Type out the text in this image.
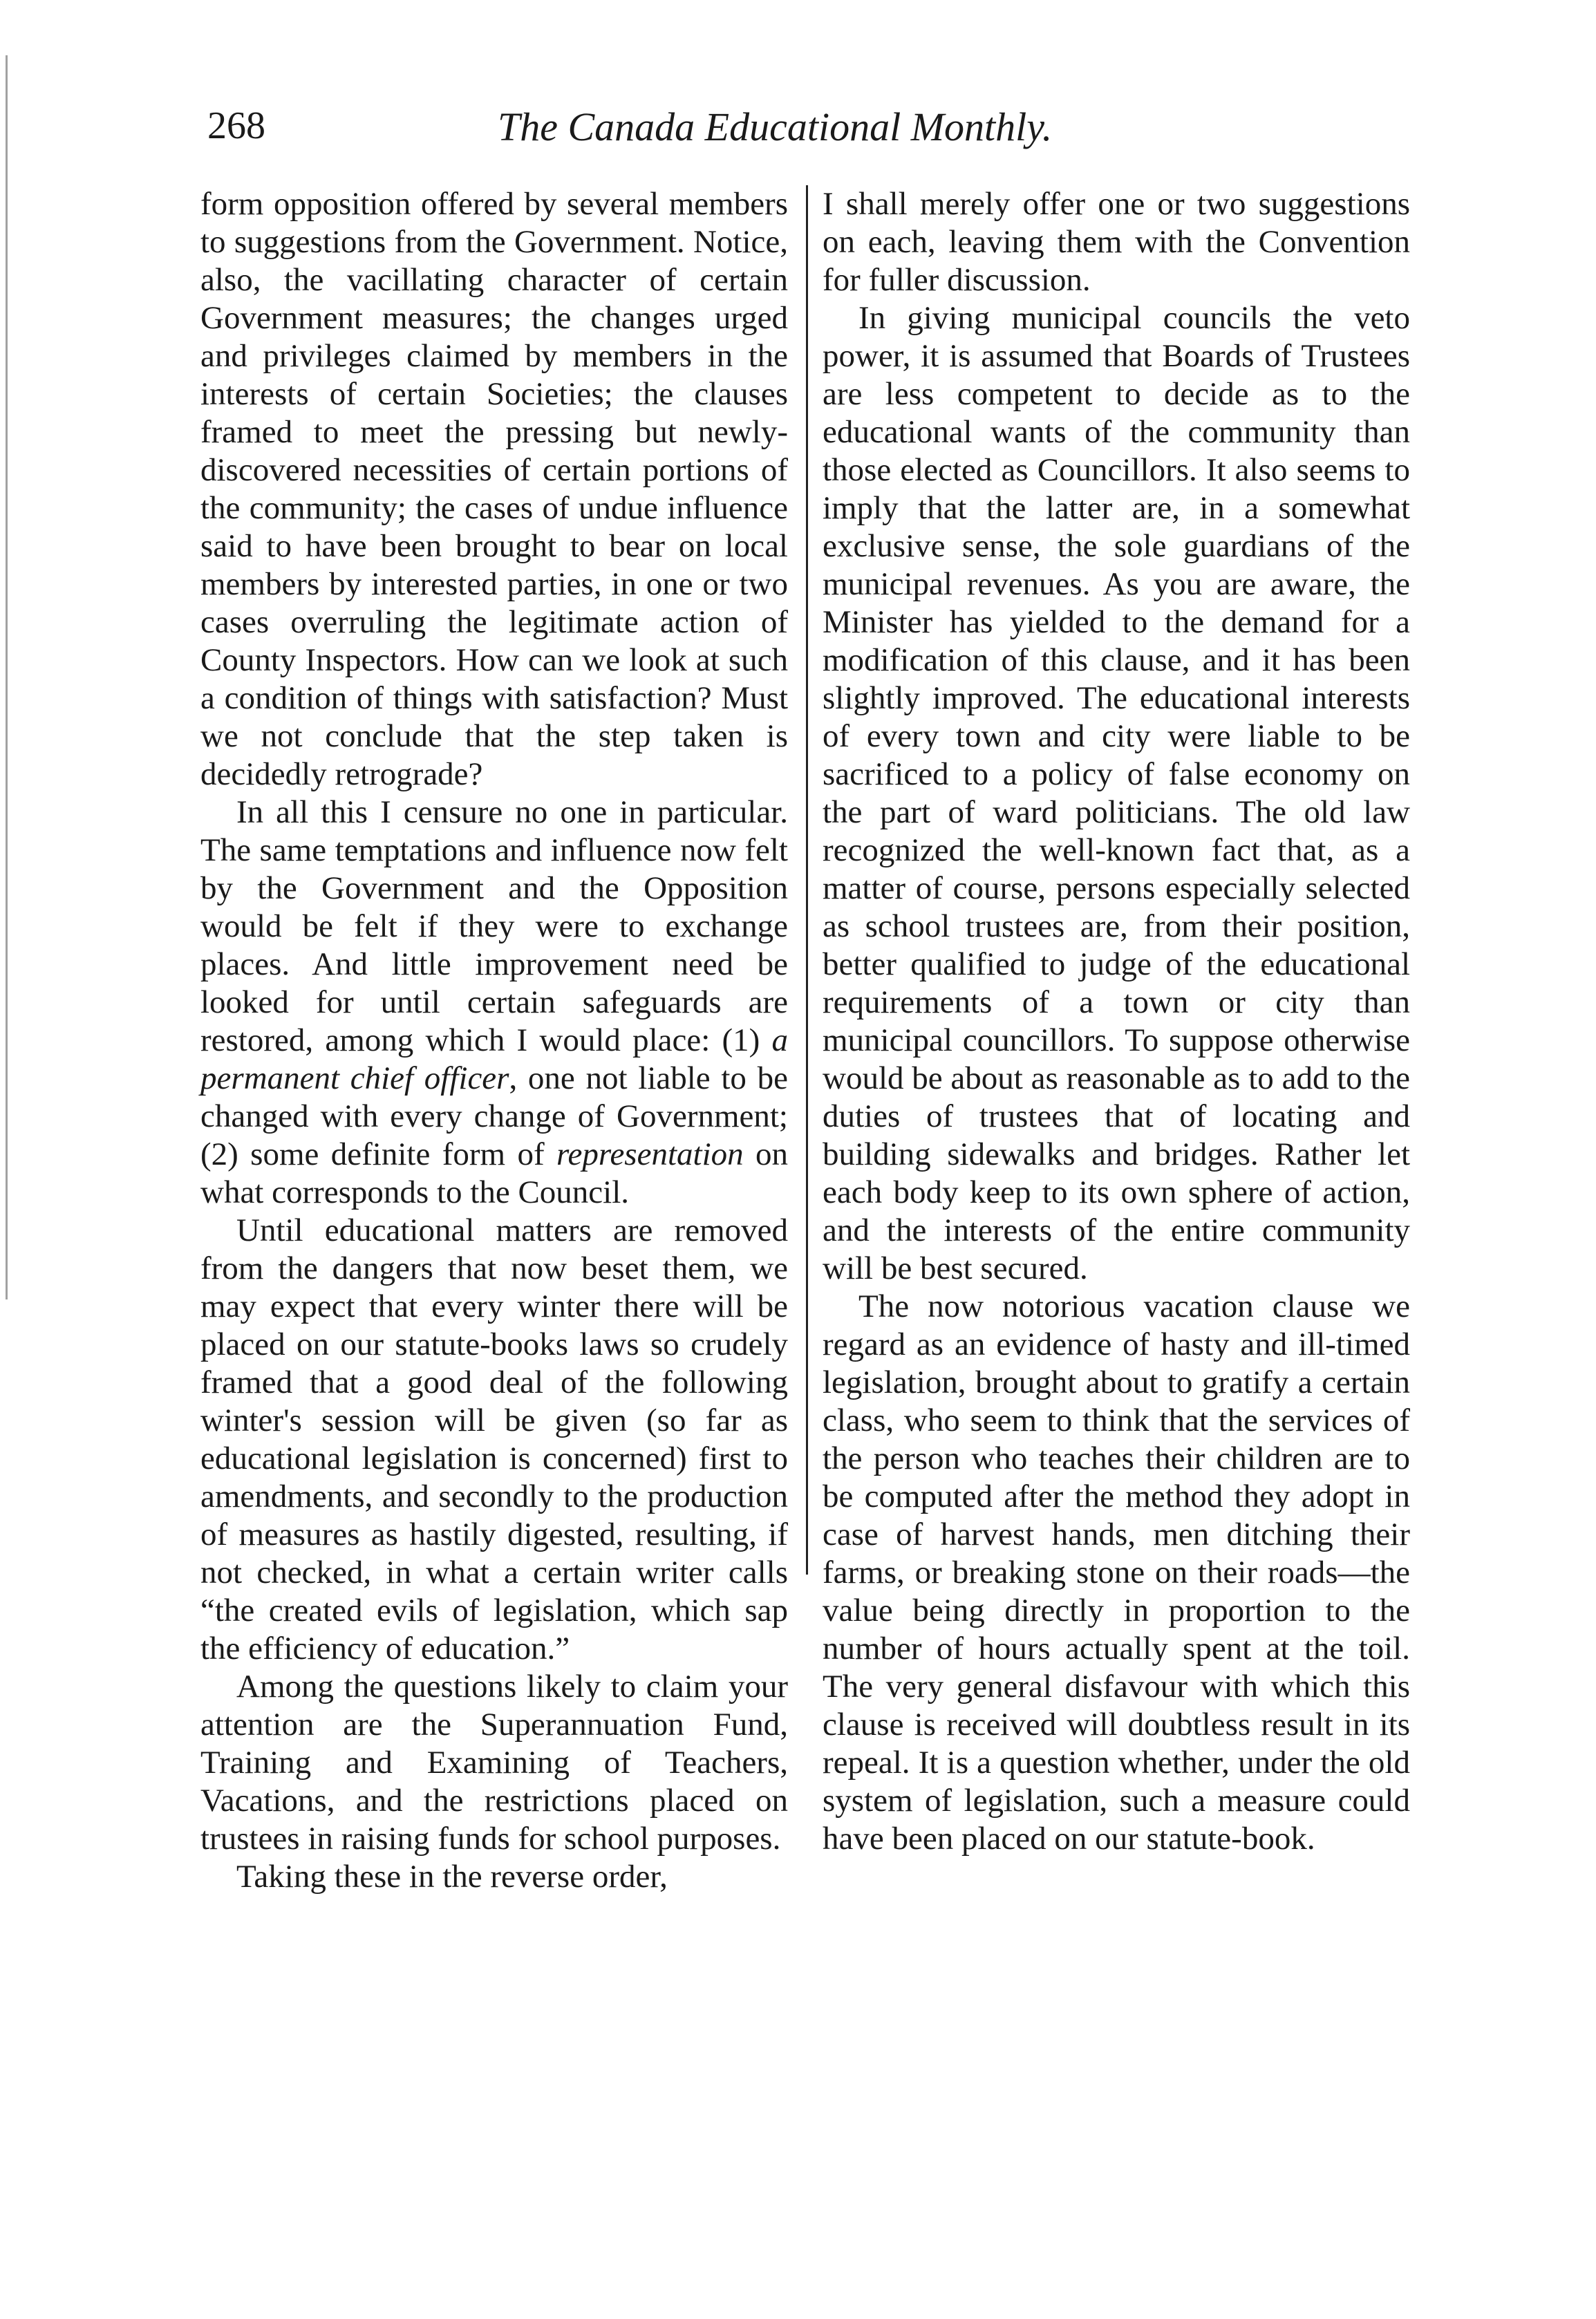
268	The Canada Educational Monthly.

form opposition offered by several members to suggestions from the Government. Notice, also, the vacillating character of certain Government measures; the changes urged and privileges claimed by members in the interests of certain Societies; the clauses framed to meet the pressing but newly-discovered necessities of certain portions of the community; the cases of undue influence said to have been brought to bear on local members by interested parties, in one or two cases overruling the legitimate action of County Inspectors. How can we look at such a condition of things with satisfaction? Must we not conclude that the step taken is decidedly retrograde?

In all this I censure no one in particular. The same temptations and influence now felt by the Government and the Opposition would be felt if they were to exchange places. And little improvement need be looked for until certain safeguards are restored, among which I would place: (1) a permanent chief officer, one not liable to be changed with every change of Government; (2) some definite form of representation on what corresponds to the Council.

Until educational matters are removed from the dangers that now beset them, we may expect that every winter there will be placed on our statute-books laws so crudely framed that a good deal of the following winter's session will be given (so far as educational legislation is concerned) first to amendments, and secondly to the production of measures as hastily digested, resulting, if not checked, in what a certain writer calls “the created evils of legislation, which sap the efficiency of education.”

Among the questions likely to claim your attention are the Superannuation Fund, Training and Examining of Teachers, Vacations, and the restrictions placed on trustees in raising funds for school purposes.

Taking these in the reverse order,

I shall merely offer one or two suggestions on each, leaving them with the Convention for fuller discussion.

In giving municipal councils the veto power, it is assumed that Boards of Trustees are less competent to decide as to the educational wants of the community than those elected as Councillors. It also seems to imply that the latter are, in a somewhat exclusive sense, the sole guardians of the municipal revenues. As you are aware, the Minister has yielded to the demand for a modification of this clause, and it has been slightly improved. The educational interests of every town and city were liable to be sacrificed to a policy of false economy on the part of ward politicians. The old law recognized the well-known fact that, as a matter of course, persons especially selected as school trustees are, from their position, better qualified to judge of the educational requirements of a town or city than municipal councillors. To suppose otherwise would be about as reasonable as to add to the duties of trustees that of locating and building sidewalks and bridges. Rather let each body keep to its own sphere of action, and the interests of the entire community will be best secured.

The now notorious vacation clause we regard as an evidence of hasty and ill-timed legislation, brought about to gratify a certain class, who seem to think that the services of the person who teaches their children are to be computed after the method they adopt in case of harvest hands, men ditching their farms, or breaking stone on their roads—the value being directly in proportion to the number of hours actually spent at the toil. The very general disfavour with which this clause is received will doubtless result in its repeal. It is a question whether, under the old system of legislation, such a measure could have been placed on our statute-book.
